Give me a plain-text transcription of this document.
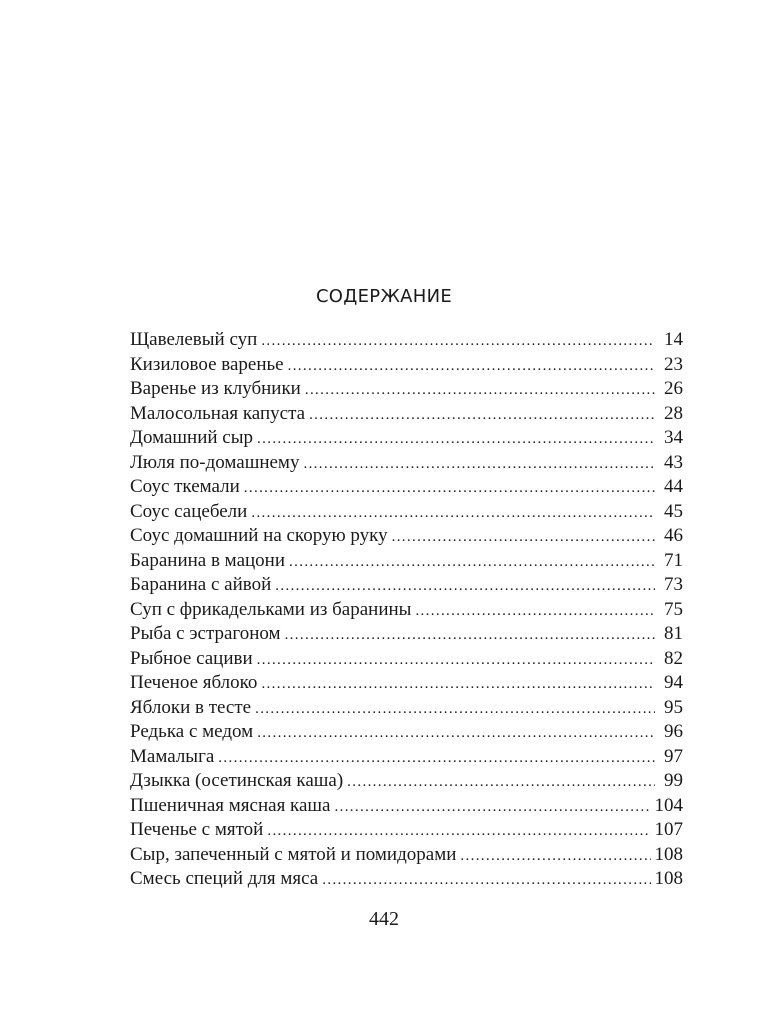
СОДЕРЖАНИЕ
Щавелевый суп . . .	14
Кизиловое варенье . . .	23
Варенье из клубники . . .	26
Малосольная капуста . . .	28
Домашний сыр . . .	34
Люля по-домашнему . . .	43
Соус ткемали . . .	44
Соус сацебели . . .	45
Соус домашний на скорую руку . . .	46
Баранина в мацони . . .	71
Баранина с айвой . . .	73
Суп с фрикадельками из баранины . . .	75
Рыба с эстрагоном . . .	81
Рыбное сациви . . .	82
Печеное яблоко . . .	94
Яблоки в тесте . . .	95
Редька с медом . . .	96
Мамалыга . . .	97
Дзыкка (осетинская каша) . . .	99
Пшеничная мясная каша . . .	104
Печенье с мятой . . .	107
Сыр, запеченный с мятой и помидорами . . .	108
Смесь специй для мяса . . .	108
442
